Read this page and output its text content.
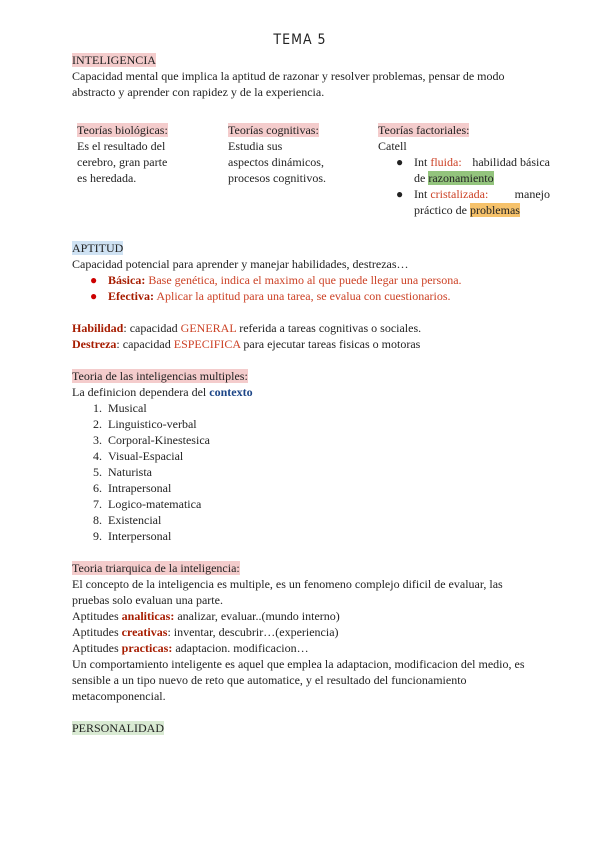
TEMA 5

INTELIGENCIA

Capacidad mental que implica la aptitud de razonar y resolver problemas, pensar de modo abstracto y aprender con rapidez y de la experiencia.

Teorías biológicas:

Es el resultado del

cerebro, gran parte

es heredada.

Teorías cognitivas:

Estudia sus

aspectos dinámicos,

procesos cognitivos.

Teorías factoriales:

Catell

● Int fluida: habilidad básica
de razonamiento
● Int cristalizada: manejo
práctico de problemas

APTITUD

Capacidad potencial para aprender y manejar habilidades, destrezas…

● Básica: Base genética, indica el maximo al que puede llegar una persona.
● Efectiva: Aplicar la aptitud para una tarea, se evalua con cuestionarios.

Habilidad: capacidad GENERAL referida a tareas cognitivas o sociales.

Destreza: capacidad ESPECIFICA para ejecutar tareas fisicas o motoras

Teoria de las inteligencias multiples:

La definicion dependera del contexto

1. Musical
2. Linguistico-verbal
3. Corporal-Kinestesica
4. Visual-Espacial
5. Naturista
6. Intrapersonal
7. Logico-matematica
8. Existencial
9. Interpersonal

Teoria triarquica de la inteligencia:

El concepto de la inteligencia es multiple, es un fenomeno complejo dificil de evaluar, las pruebas solo evaluan una parte.

Aptitudes analiticas: analizar, evaluar..(mundo interno)

Aptitudes creativas: inventar, descubrir…(experiencia)

Aptitudes practicas: adaptacion. modificacion…

Un comportamiento inteligente es aquel que emplea la adaptacion, modificacion del medio, es sensible a un tipo nuevo de reto que automatice, y el resultado del funcionamiento metacomponencial.

PERSONALIDAD
